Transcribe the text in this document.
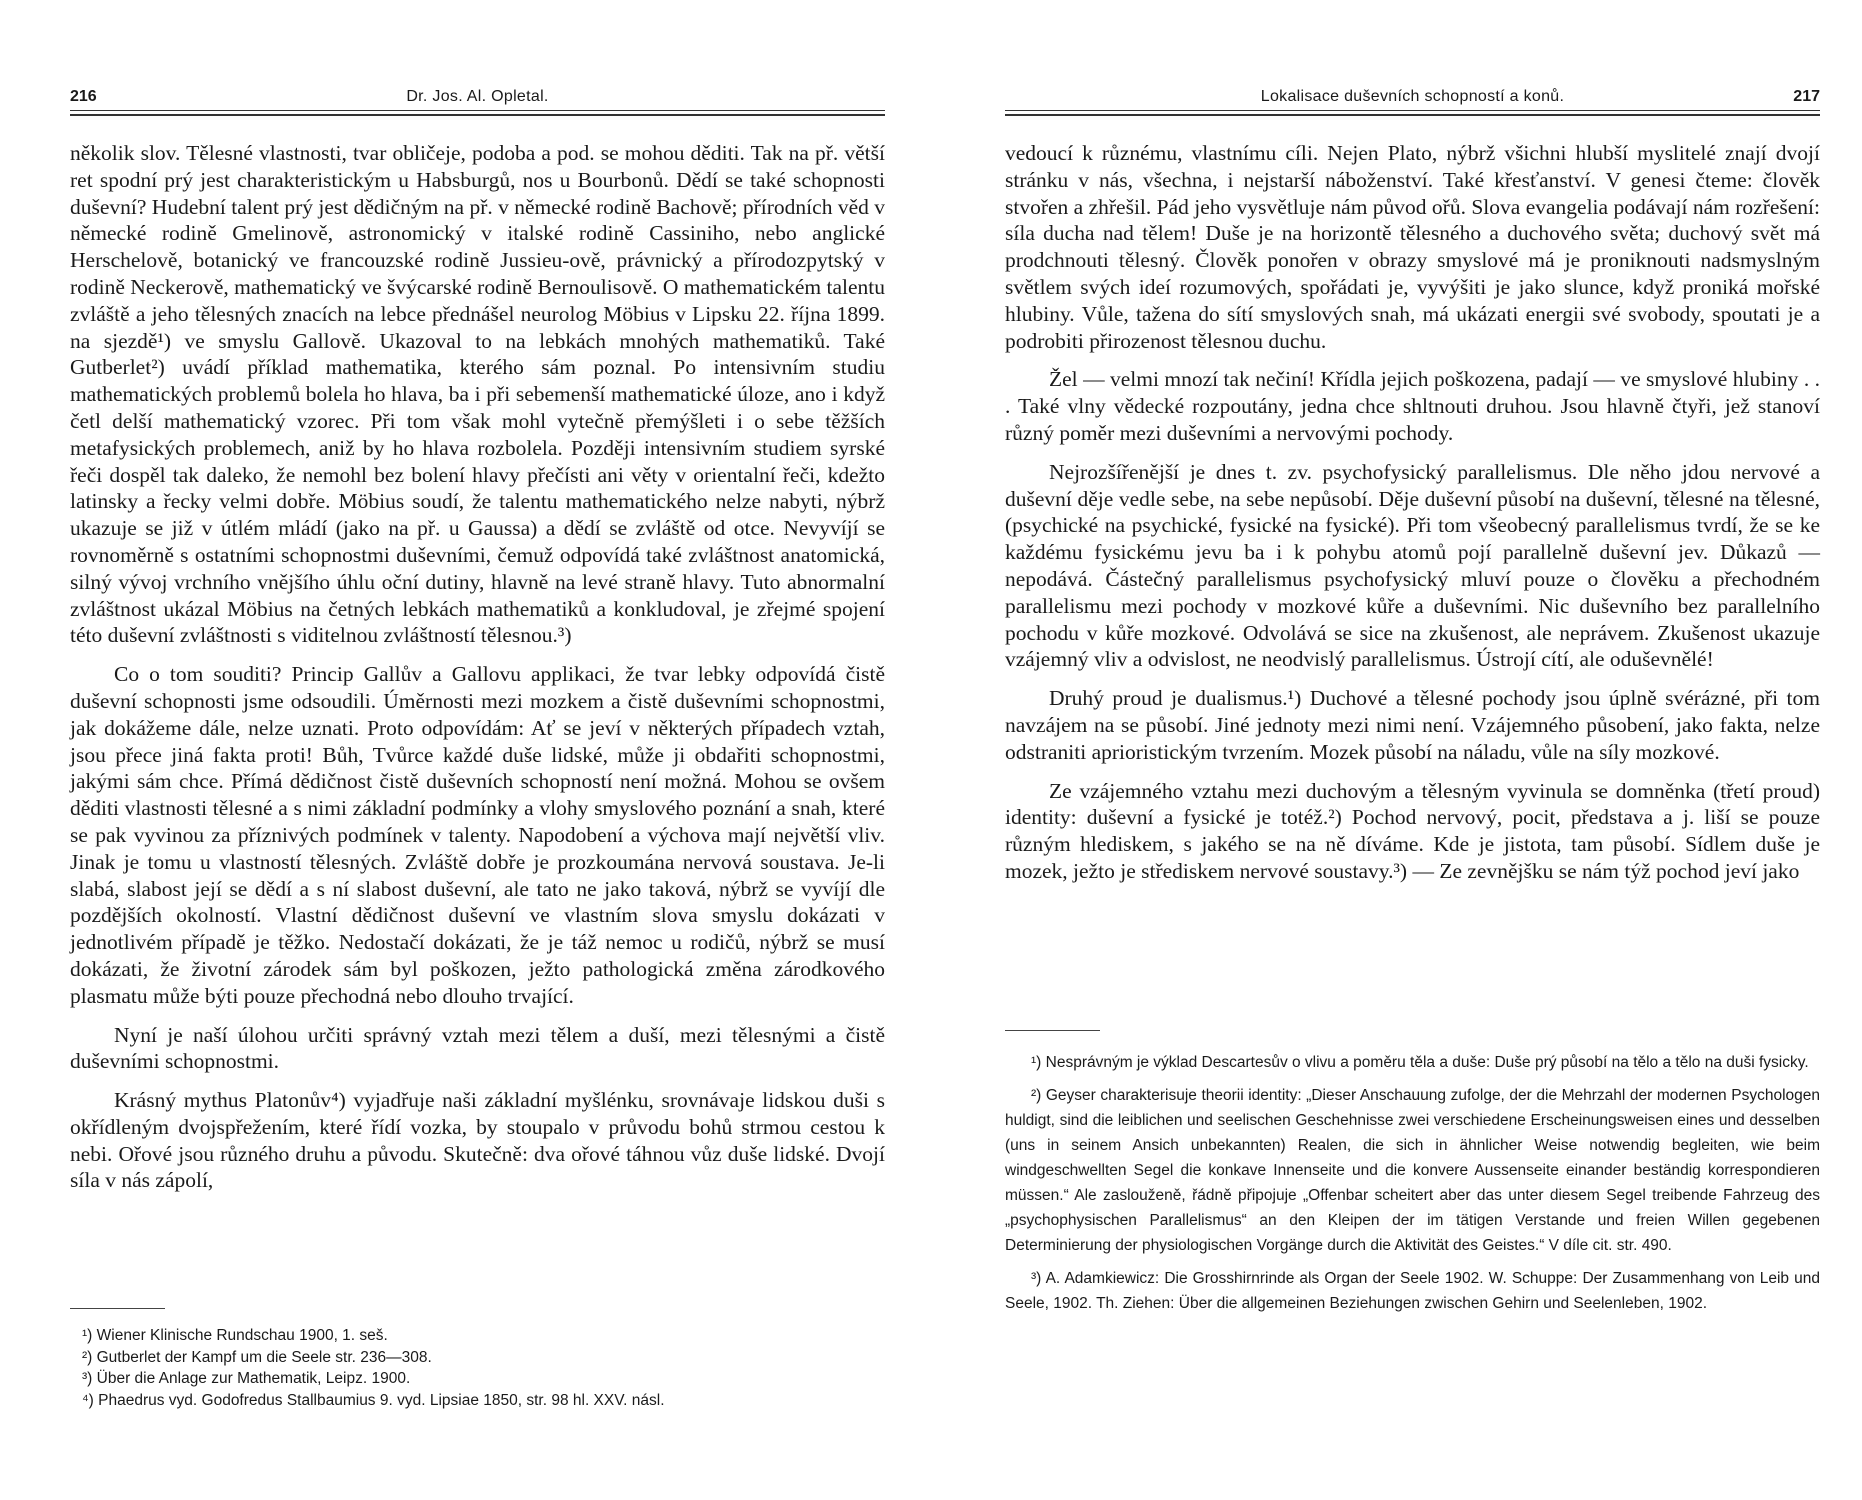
216	Dr. Jos. Al. Opletal.

několik slov. Tělesné vlastnosti, tvar obličeje, podoba a pod. se mohou děditi. Tak na př. větší ret spodní prý jest charakteristickým u Habsburgů, nos u Bourbonů. Dědí se také schopnosti duševní? Hudební talent prý jest dědičným na př. v německé rodině Bachově; přírodních věd v německé rodině Gmelinově, astronomický v italské rodině Cassiniho, nebo anglické Herschelově, botanický ve francouzské rodině Jussieu-ově, právnický a přírodozpytský v rodině Neckerově, mathematický ve švýcarské rodině Bernoulisově. O mathematickém talentu zvláště a jeho tělesných znacích na lebce přednášel neurolog Möbius v Lipsku 22. října 1899. na sjezdě¹) ve smyslu Gallově. Ukazoval to na lebkách mnohých mathematiků. Také Gutberlet²) uvádí příklad mathematika, kterého sám poznal. Po intensivním studiu mathematických problemů bolela ho hlava, ba i při sebemenší mathematické úloze, ano i když četl delší mathematický vzorec. Při tom však mohl vytečně přemýšleti i o sebe těžších metafysických problemech, aniž by ho hlava rozbolela. Později intensivním studiem syrské řeči dospěl tak daleko, že nemohl bez bolení hlavy přečísti ani věty v orientalní řeči, kdežto latinsky a řecky velmi dobře. Möbius soudí, že talentu mathematického nelze nabyti, nýbrž ukazuje se již v útlém mládí (jako na př. u Gaussa) a dědí se zvláště od otce. Nevyvíjí se rovnoměrně s ostatními schopnostmi duševními, čemuž odpovídá také zvláštnost anatomická, silný vývoj vrchního vnějšího úhlu oční dutiny, hlavně na levé straně hlavy. Tuto abnormalní zvláštnost ukázal Möbius na četných lebkách mathematiků a konkludoval, je zřejmé spojení této duševní zvláštnosti s viditelnou zvláštností tělesnou.³)

Co o tom souditi? Princip Gallův a Gallovu applikaci, že tvar lebky odpovídá čistě duševní schopnosti jsme odsoudili. Úměrnosti mezi mozkem a čistě duševními schopnostmi, jak dokážeme dále, nelze uznati. Proto odpovídám: Ať se jeví v některých případech vztah, jsou přece jiná fakta proti! Bůh, Tvůrce každé duše lidské, může ji obdařiti schopnostmi, jakými sám chce. Přímá dědičnost čistě duševních schopností není možná. Mohou se ovšem děditi vlastnosti tělesné a s nimi základní podmínky a vlohy smyslového poznání a snah, které se pak vyvinou za příznivých podmínek v talenty. Napodobení a výchova mají největší vliv. Jinak je tomu u vlastností tělesných. Zvláště dobře je prozkoumána nervová soustava. Je-li slabá, slabost její se dědí a s ní slabost duševní, ale tato ne jako taková, nýbrž se vyvíjí dle pozdějších okolností. Vlastní dědičnost duševní ve vlastním slova smyslu dokázati v jednotlivém případě je těžko. Nedostačí dokázati, že je táž nemoc u rodičů, nýbrž se musí dokázati, že životní zárodek sám byl poškozen, ježto pathologická změna zárodkového plasmatu může býti pouze přechodná nebo dlouho trvající.

Nyní je naší úlohou určiti správný vztah mezi tělem a duší, mezi tělesnými a čistě duševními schopnostmi.

Krásný mythus Platonův⁴) vyjadřuje naši základní myšlénku, srovnávaje lidskou duši s okřídleným dvojspřežením, které řídí vozka, by stoupalo v průvodu bohů strmou cestou k nebi. Ořové jsou různého druhu a původu. Skutečně: dva ořové táhnou vůz duše lidské. Dvojí síla v nás zápolí,

¹) Wiener Klinische Rundschau 1900, 1. seš.

²) Gutberlet der Kampf um die Seele str. 236—308.

³) Über die Anlage zur Mathematik, Leipz. 1900.

⁴) Phaedrus vyd. Godofredus Stallbaumius 9. vyd. Lipsiae 1850, str. 98 hl. XXV. násl.

Lokalisace duševních schopností a konů.	217

vedoucí k různému, vlastnímu cíli. Nejen Plato, nýbrž všichni hlubší myslitelé znají dvojí stránku v nás, všechna, i nejstarší náboženství. Také křesťanství. V genesi čteme: člověk stvořen a zhřešil. Pád jeho vysvětluje nám původ ořů. Slova evangelia podávají nám rozřešení: síla ducha nad tělem! Duše je na horizontě tělesného a duchového světa; duchový svět má prodchnouti tělesný. Člověk ponořen v obrazy smyslové má je proniknouti nadsmyslným světlem svých ideí rozumových, spořádati je, vyvýšiti je jako slunce, když proniká mořské hlubiny. Vůle, tažena do sítí smyslových snah, má ukázati energii své svobody, spoutati je a podrobiti přirozenost tělesnou duchu.

Žel — velmi mnozí tak nečiní! Křídla jejich poškozena, padají — ve smyslové hlubiny . . . Také vlny vědecké rozpoutány, jedna chce shltnouti druhou. Jsou hlavně čtyři, jež stanoví různý poměr mezi duševními a nervovými pochody.

Nejrozšířenější je dnes t. zv. psychofysický parallelismus. Dle něho jdou nervové a duševní děje vedle sebe, na sebe nepůsobí. Děje duševní působí na duševní, tělesné na tělesné, (psychické na psychické, fysické na fysické). Při tom všeobecný parallelismus tvrdí, že se ke každému fysickému jevu ba i k pohybu atomů pojí parallelně duševní jev. Důkazů — nepodává. Částečný parallelismus psychofysický mluví pouze o člověku a přechodném parallelismu mezi pochody v mozkové kůře a duševními. Nic duševního bez parallelního pochodu v kůře mozkové. Odvolává se sice na zkušenost, ale neprávem. Zkušenost ukazuje vzájemný vliv a odvislost, ne neodvislý parallelismus. Ústrojí cítí, ale oduševnělé!

Druhý proud je dualismus.¹) Duchové a tělesné pochody jsou úplně svérázné, při tom navzájem na se působí. Jiné jednoty mezi nimi není. Vzájemného působení, jako fakta, nelze odstraniti aprioristickým tvrzením. Mozek působí na náladu, vůle na síly mozkové.

Ze vzájemného vztahu mezi duchovým a tělesným vyvinula se domněnka (třetí proud) identity: duševní a fysické je totéž.²) Pochod nervový, pocit, představa a j. liší se pouze různým hlediskem, s jakého se na ně díváme. Kde je jistota, tam působí. Sídlem duše je mozek, ježto je střediskem nervové soustavy.³) — Ze zevnějšku se nám týž pochod jeví jako

¹) Nesprávným je výklad Descartesův o vlivu a poměru těla a duše: Duše prý působí na tělo a tělo na duši fysicky.

²) Geyser charakterisuje theorii identity: „Dieser Anschauung zufolge, der die Mehrzahl der modernen Psychologen huldigt, sind die leiblichen und seelischen Geschehnisse zwei verschiedene Erscheinungsweisen eines und desselben (uns in seinem Ansich unbekannten) Realen, die sich in ähnlicher Weise notwendig begleiten, wie beim windgeschwellten Segel die konkave Innenseite und die konvere Aussenseite einander beständig korrespondieren müssen.“ Ale zaslouženě, řádně připojuje „Offenbar scheitert aber das unter diesem Segel treibende Fahrzeug des „psychophysischen Parallelismus“ an den Kleipen der im tätigen Verstande und freien Willen gegebenen Determinierung der physiologischen Vorgänge durch die Aktivität des Geistes.“ V díle cit. str. 490.

³) A. Adamkiewicz: Die Grosshirnrinde als Organ der Seele 1902. W. Schuppe: Der Zusammenhang von Leib und Seele, 1902. Th. Ziehen: Über die allgemeinen Beziehungen zwischen Gehirn und Seelenleben, 1902.
